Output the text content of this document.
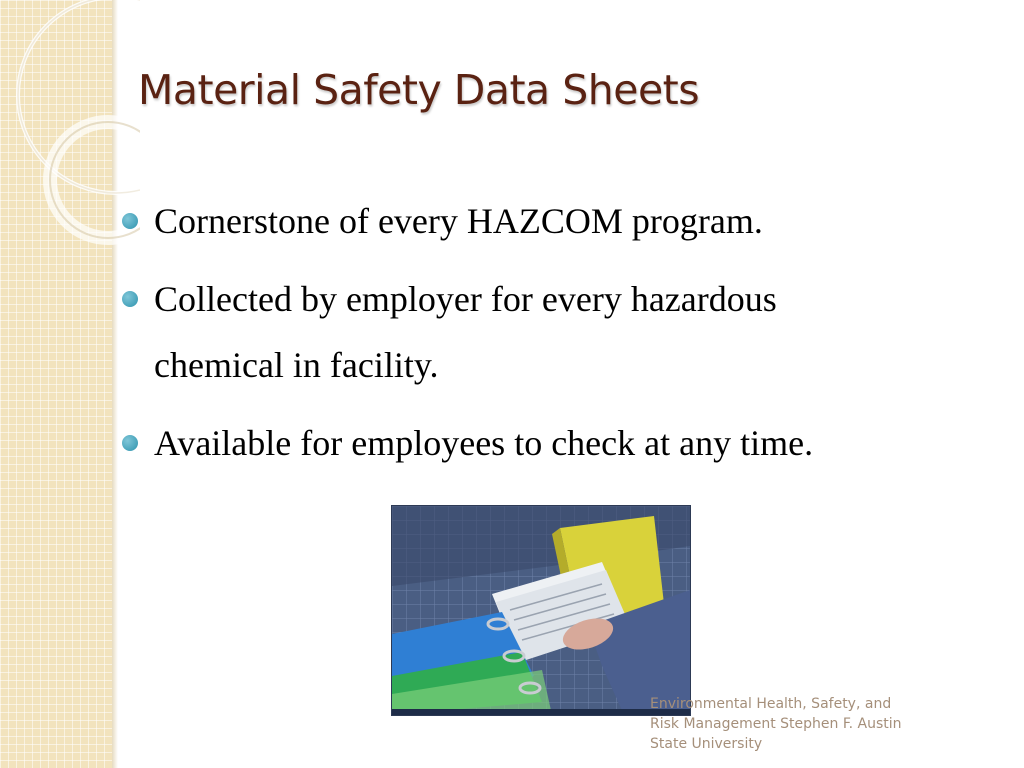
Material Safety Data Sheets
Cornerstone of every HAZCOM program.
Collected by employer for every hazardous chemical in facility.
Available for employees to check at any time.
Environmental Health, Safety, and Risk Management Stephen F. Austin State University
